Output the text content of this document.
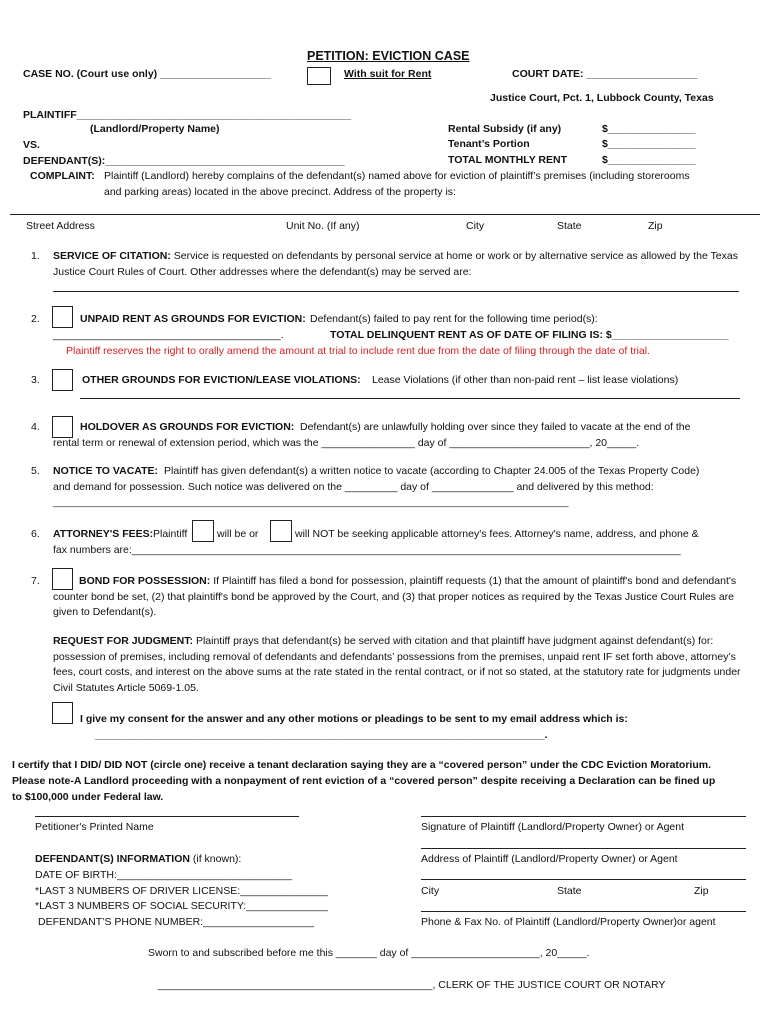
PETITION: EVICTION CASE
CASE NO. (Court use only) ___________________	With suit for Rent	COURT DATE: ___________________
Justice Court, Pct. 1, Lubbock County, Texas
PLAINTIFF_______________________________________________
(Landlord/Property Name)
VS.
DEFENDANT(S):_________________________________________
Rental Subsidy (if any)	$_______________
Tenant’s Portion	$_______________
TOTAL MONTHLY RENT	$_______________
COMPLAINT: Plaintiff (Landlord) hereby complains of the defendant(s) named above for eviction of plaintiff’s premises (including storerooms and parking areas) located in the above precinct. Address of the property is:
Street Address	Unit No. (If any)	City	State	Zip
1. SERVICE OF CITATION: Service is requested on defendants by personal service at home or work or by alternative service as allowed by the Texas Justice Court Rules of Court. Other addresses where the defendant(s) may be served are:
2.	UNPAID RENT AS GROUNDS FOR EVICTION: Defendant(s) failed to pay rent for the following time period(s):
_______________________________________.	TOTAL DELINQUENT RENT AS OF DATE OF FILING IS: $____________________
Plaintiff reserves the right to orally amend the amount at trial to include rent due from the date of filing through the date of trial.
3.	OTHER GROUNDS FOR EVICTION/LEASE VIOLATIONS: Lease Violations (if other than non-paid rent – list lease violations)
4.	HOLDOVER AS GROUNDS FOR EVICTION: Defendant(s) are unlawfully holding over since they failed to vacate at the end of the
rental term or renewal of extension period, which was the ________________ day of ________________________, 20_____.
5. NOTICE TO VACATE: Plaintiff has given defendant(s) a written notice to vacate (according to Chapter 24.005 of the Texas Property Code)
and demand for possession. Such notice was delivered on the _________ day of ______________ and delivered by this method:
_______________________________________________________________________________________________________
6. ATTORNEY'S FEES: Plaintiff	will be or	will NOT be seeking applicable attorney's fees. Attorney's name, address, and phone &
fax numbers are:______________________________________________________________________________________________
7.	BOND FOR POSSESSION: If Plaintiff has filed a bond for possession, plaintiff requests (1) that the amount of plaintiff's bond and defendant's counter bond be set, (2) that plaintiff's bond be approved by the Court, and (3) that proper notices as required by the Texas Justice Court Rules are given to Defendant(s).
REQUEST FOR JUDGMENT: Plaintiff prays that defendant(s) be served with citation and that plaintiff have judgment against defendant(s) for: possession of premises, including removal of defendants and defendants’ possessions from the premises, unpaid rent IF set forth above, attorney’s fees, court costs, and interest on the above sums at the rate stated in the rental contract, or if not so stated, at the statutory rate for judgments under Civil Statutes Article 5069-1.05.
I give my consent for the answer and any other motions or pleadings to be sent to my email address which is:
_____________________________________________________________________________.
I certify that I DID/ DID NOT (circle one) receive a tenant declaration saying they are a “covered person” under the CDC Eviction Moratorium.
Please note-A Landlord proceeding with a nonpayment of rent eviction of a “covered person” despite receiving a Declaration can be fined up
to $100,000 under Federal law.
Petitioner's Printed Name	Signature of Plaintiff (Landlord/Property Owner) or Agent
Address of Plaintiff (Landlord/Property Owner) or Agent
City	State	Zip
Phone & Fax No. of Plaintiff (Landlord/Property Owner)or agent
DEFENDANT(S) INFORMATION (if known):
DATE OF BIRTH:______________________________
*LAST 3 NUMBERS OF DRIVER LICENSE:_______________
*LAST 3 NUMBERS OF SOCIAL SECURITY:______________
DEFENDANT’S PHONE NUMBER:___________________
Sworn to and subscribed before me this _______ day of ______________________, 20_____.
_______________________________________________, CLERK OF THE JUSTICE COURT OR NOTARY
